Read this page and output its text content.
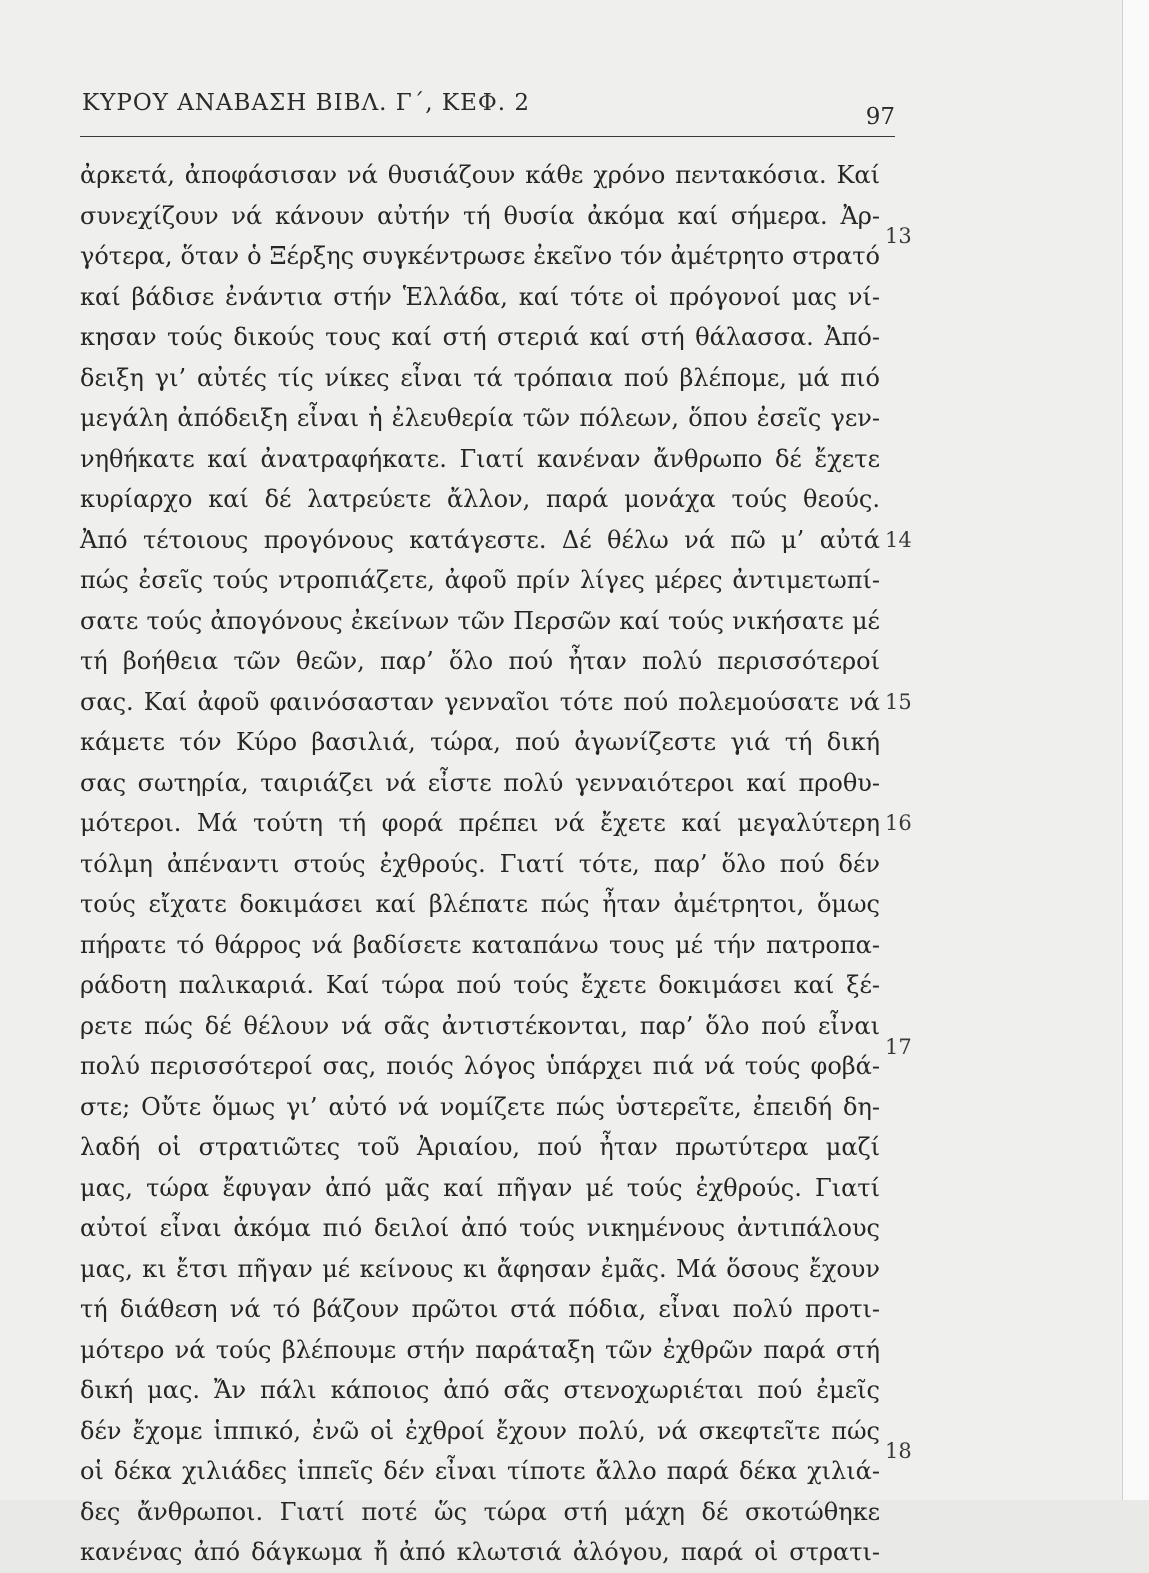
ΚΥΡΟΥ ΑΝΑΒΑΣΗ ΒΙΒΛ. Γ΄, ΚΕΦ. 2
97
ἀρκετά, ἀποφάσισαν νά θυσιάζουν κάθε χρόνο πεντακόσια. Καί
συνεχίζουν νά κάνουν αὐτήν τή θυσία ἀκόμα καί σήμερα. Ἀρ-
γότερα, ὅταν ὁ Ξέρξης συγκέντρωσε ἐκεῖνο τόν ἀμέτρητο στρατό
καί βάδισε ἐνάντια στήν Ἑλλάδα, καί τότε οἱ πρόγονοί μας νί-
κησαν τούς δικούς τους καί στή στεριά καί στή θάλασσα. Ἀπό-
δειξη γι’ αὐτές τίς νίκες εἶναι τά τρόπαια πού βλέπομε, μά πιό
μεγάλη ἀπόδειξη εἶναι ἡ ἐλευθερία τῶν πόλεων, ὅπου ἐσεῖς γεν-
νηθήκατε καί ἀνατραφήκατε. Γιατί κανέναν ἄνθρωπο δέ ἔχετε
κυρίαρχο καί δέ λατρεύετε ἄλλον, παρά μονάχα τούς θεούς.
Ἀπό τέτοιους προγόνους κατάγεστε. Δέ θέλω νά πῶ μ’ αὐτά
πώς ἐσεῖς τούς ντροπιάζετε, ἀφοῦ πρίν λίγες μέρες ἀντιμετωπί-
σατε τούς ἀπογόνους ἐκείνων τῶν Περσῶν καί τούς νικήσατε μέ
τή βοήθεια τῶν θεῶν, παρ’ ὅλο πού ἦταν πολύ περισσότεροί
σας. Καί ἀφοῦ φαινόσασταν γενναῖοι τότε πού πολεμούσατε νά
κάμετε τόν Κύρο βασιλιά, τώρα, πού ἀγωνίζεστε γιά τή δική
σας σωτηρία, ταιριάζει νά εἶστε πολύ γενναιότεροι καί προθυ-
μότεροι. Μά τούτη τή φορά πρέπει νά ἔχετε καί μεγαλύτερη
τόλμη ἀπέναντι στούς ἐχθρούς. Γιατί τότε, παρ’ ὅλο πού δέν
τούς εἴχατε δοκιμάσει καί βλέπατε πώς ἦταν ἀμέτρητοι, ὅμως
πήρατε τό θάρρος νά βαδίσετε καταπάνω τους μέ τήν πατροπα-
ράδοτη παλικαριά. Καί τώρα πού τούς ἔχετε δοκιμάσει καί ξέ-
ρετε πώς δέ θέλουν νά σᾶς ἀντιστέκονται, παρ’ ὅλο πού εἶναι
πολύ περισσότεροί σας, ποιός λόγος ὑπάρχει πιά νά τούς φοβά-
στε; Οὔτε ὅμως γι’ αὐτό νά νομίζετε πώς ὑστερεῖτε, ἐπειδή δη-
λαδή οἱ στρατιῶτες τοῦ Ἀριαίου, πού ἦταν πρωτύτερα μαζί
μας, τώρα ἔφυγαν ἀπό μᾶς καί πῆγαν μέ τούς ἐχθρούς. Γιατί
αὐτοί εἶναι ἀκόμα πιό δειλοί ἀπό τούς νικημένους ἀντιπάλους
μας, κι ἔτσι πῆγαν μέ κείνους κι ἄφησαν ἐμᾶς. Μά ὅσους ἔχουν
τή διάθεση νά τό βάζουν πρῶτοι στά πόδια, εἶναι πολύ προτι-
μότερο νά τούς βλέπουμε στήν παράταξη τῶν ἐχθρῶν παρά στή
δική μας. Ἄν πάλι κάποιος ἀπό σᾶς στενοχωριέται πού ἐμεῖς
δέν ἔχομε ἱππικό, ἐνῶ οἱ ἐχθροί ἔχουν πολύ, νά σκεφτεῖτε πώς
οἱ δέκα χιλιάδες ἱππεῖς δέν εἶναι τίποτε ἄλλο παρά δέκα χιλιά-
δες ἄνθρωποι. Γιατί ποτέ ὥς τώρα στή μάχη δέ σκοτώθηκε
κανένας ἀπό δάγκωμα ἤ ἀπό κλωτσιά ἀλόγου, παρά οἱ στρατι-
13
14
15
16
17
18
